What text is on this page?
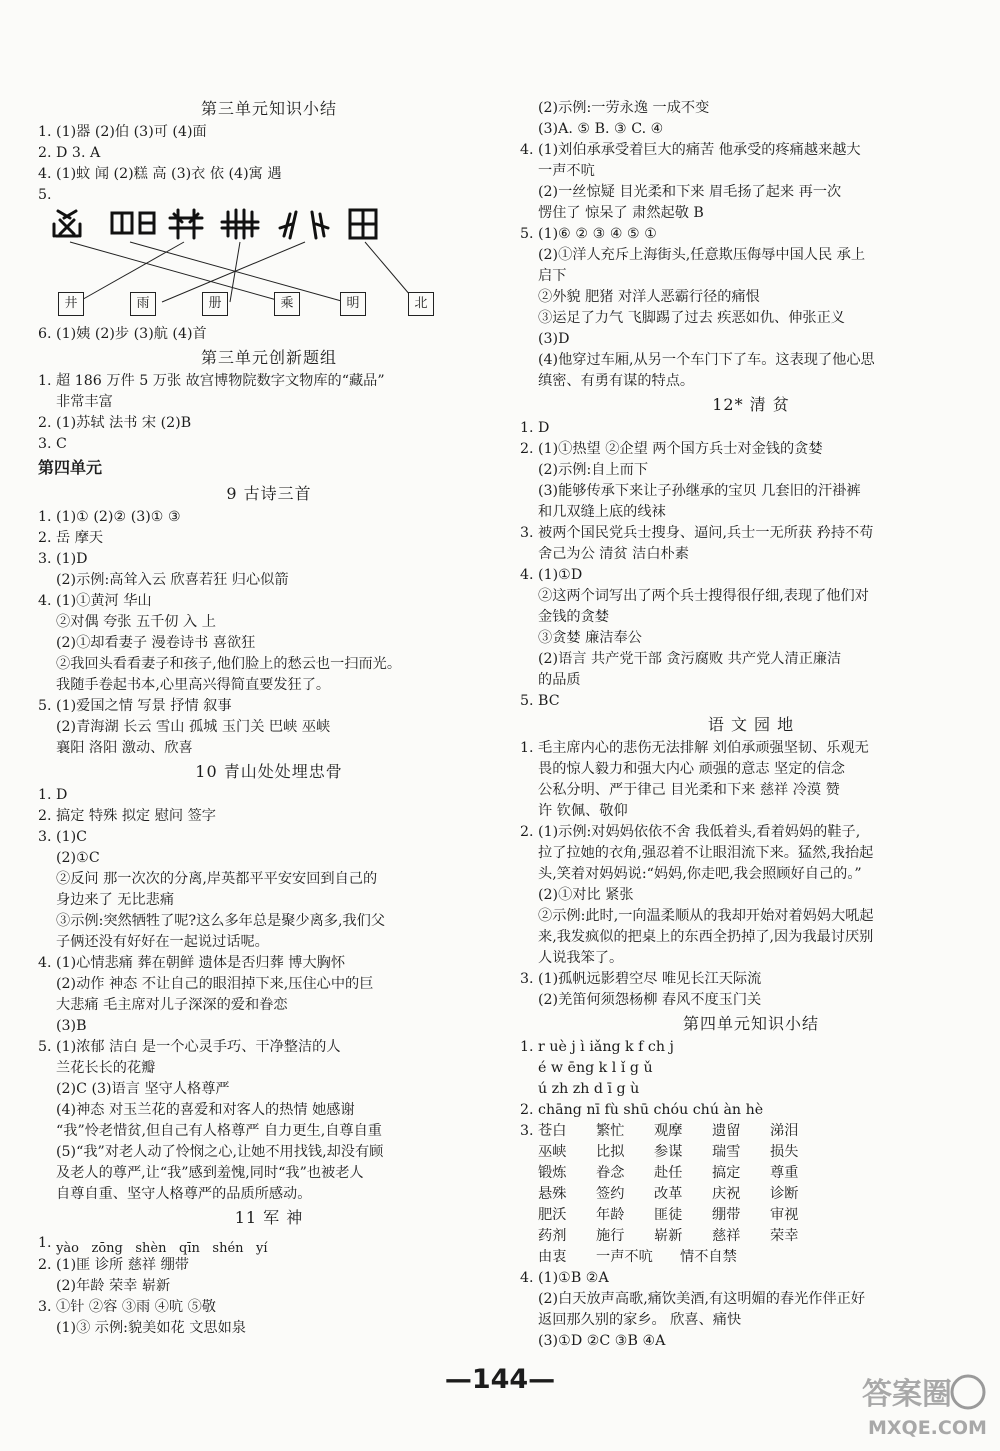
第三单元知识小结
1. (1)器 (2)伯 (3)可 (4)面
2. D 3. A
4. (1)蚊 闻 (2)糕 高 (3)衣 依 (4)寓 遇
5.
井	雨	册	乘	明	北
6. (1)姨 (2)步 (3)航 (4)首
第三单元创新题组
1. 超 186 万件 5 万张 故宫博物院数字文物库的“藏品”
非常丰富
2. (1)苏轼 法书 宋 (2)B
3. C
第四单元
9 古诗三首
1. (1)① (2)② (3)① ③
2. 岳 摩天
3. (1)D
(2)示例:高耸入云 欣喜若狂 归心似箭
4. (1)①黄河 华山
②对偶 夸张 五千仞 入 上
(2)①却看妻子 漫卷诗书 喜欲狂
②我回头看看妻子和孩子,他们脸上的愁云也一扫而光。
我随手卷起书本,心里高兴得简直要发狂了。
5. (1)爱国之情 写景 抒情 叙事
(2)青海湖 长云 雪山 孤城 玉门关 巴峡 巫峡
襄阳 洛阳 激动、欣喜
10 青山处处埋忠骨
1. D
2. 搞定 特殊 拟定 慰问 签字
3. (1)C
(2)①C
②反问 那一次次的分离,岸英都平平安安回到自己的
身边来了 无比悲痛
③示例:突然牺牲了呢?这么多年总是聚少离多,我们父
子俩还没有好好在一起说过话呢。
4. (1)心情悲痛 葬在朝鲜 遗体是否归葬 博大胸怀
(2)动作 神态 不让自己的眼泪掉下来,压住心中的巨
大悲痛 毛主席对儿子深深的爱和眷恋
(3)B
5. (1)浓郁 洁白 是一个心灵手巧、干净整洁的人
兰花长长的花瓣
(2)C (3)语言 坚守人格尊严
(4)神态 对玉兰花的喜爱和对客人的热情 她感谢
“我”怜老惜贫,但自己有人格尊严 自力更生,自尊自重
(5)“我”对老人动了怜悯之心,让她不用找钱,却没有顾
及老人的尊严,让“我”感到羞愧,同时“我”也被老人
自尊自重、坚守人格尊严的品质所感动。
11 军 神
1. yào
zōng
shèn
qīn
shén
yí
2. (1)匪 诊所 慈祥 绷带
(2)年龄 荣幸 崭新
3. ①针 ②容 ③雨 ④吭 ⑤敬
(1)③ 示例:貌美如花 文思如泉
(2)示例:一劳永逸 一成不变
(3)A. ⑤ B. ③ C. ④
4. (1)刘伯承承受着巨大的痛苦 他承受的疼痛越来越大
一声不吭
(2)一丝惊疑 目光柔和下来 眉毛扬了起来 再一次
愣住了 惊呆了 肃然起敬 B
5. (1)⑥ ② ③ ④ ⑤ ①
(2)①洋人充斥上海街头,任意欺压侮辱中国人民 承上
启下
②外貌 肥猪 对洋人恶霸行径的痛恨
③运足了力气 飞脚踢了过去 疾恶如仇、伸张正义
(3)D
(4)他穿过车厢,从另一个车门下了车。这表现了他心思
缜密、有勇有谋的特点。
12* 清 贫
1. D
2. (1)①热望 ②企望 两个国方兵士对金钱的贪婪
(2)示例:自上而下
(3)能够传承下来让子孙继承的宝贝 几套旧的汗褂裤
和几双缝上底的线袜
3. 被两个国民党兵士搜身、逼问,兵士一无所获 矜持不苟
舍己为公 清贫 洁白朴素
4. (1)①D
②这两个词写出了两个兵士搜得很仔细,表现了他们对
金钱的贪婪
③贪婪 廉洁奉公
(2)语言 共产党干部 贪污腐败 共产党人清正廉洁
的品质
5. BC
语 文 园 地
1. 毛主席内心的悲伤无法排解 刘伯承顽强坚韧、乐观无
畏的惊人毅力和强大内心 顽强的意志 坚定的信念
公私分明、严于律己 目光柔和下来 慈祥 冷漠 赞
许 钦佩、敬仰
2. (1)示例:对妈妈依依不舍 我低着头,看着妈妈的鞋子,
拉了拉她的衣角,强忍着不让眼泪流下来。猛然,我抬起
头,笑着对妈妈说:“妈妈,你走吧,我会照顾好自己的。”
(2)①对比 紧张
②示例:此时,一向温柔顺从的我却开始对着妈妈大吼起
来,我发疯似的把桌上的东西全扔掉了,因为我最讨厌别
人说我笨了。
3. (1)孤帆远影碧空尽 唯见长江天际流
(2)羌笛何须怨杨柳 春风不度玉门关
第四单元知识小结
1. r uè j ì iǎng k f ch j
é w ēng k l ǐ g ǔ
ú zh zh d ī g ù
2. chāng nī fù shū chóu chú àn hè
3. 苍白 繁忙 观摩 遗留 涕泪
巫峡 比拟 参谋 瑞雪 损失
锻炼 眷念 赴任 搞定 尊重
悬殊 签约 改革 庆祝 诊断
肥沃 年龄 匪徒 绷带 审视
药剂 施行 崭新 慈祥 荣幸
由衷 一声不吭 情不自禁
4. (1)①B ②A
(2)白天放声高歌,痛饮美酒,有这明媚的春光作伴正好
返回那久别的家乡。 欣喜、痛快
(3)①D ②C ③B ④A
—144—	答案圈
MXQE.COM
